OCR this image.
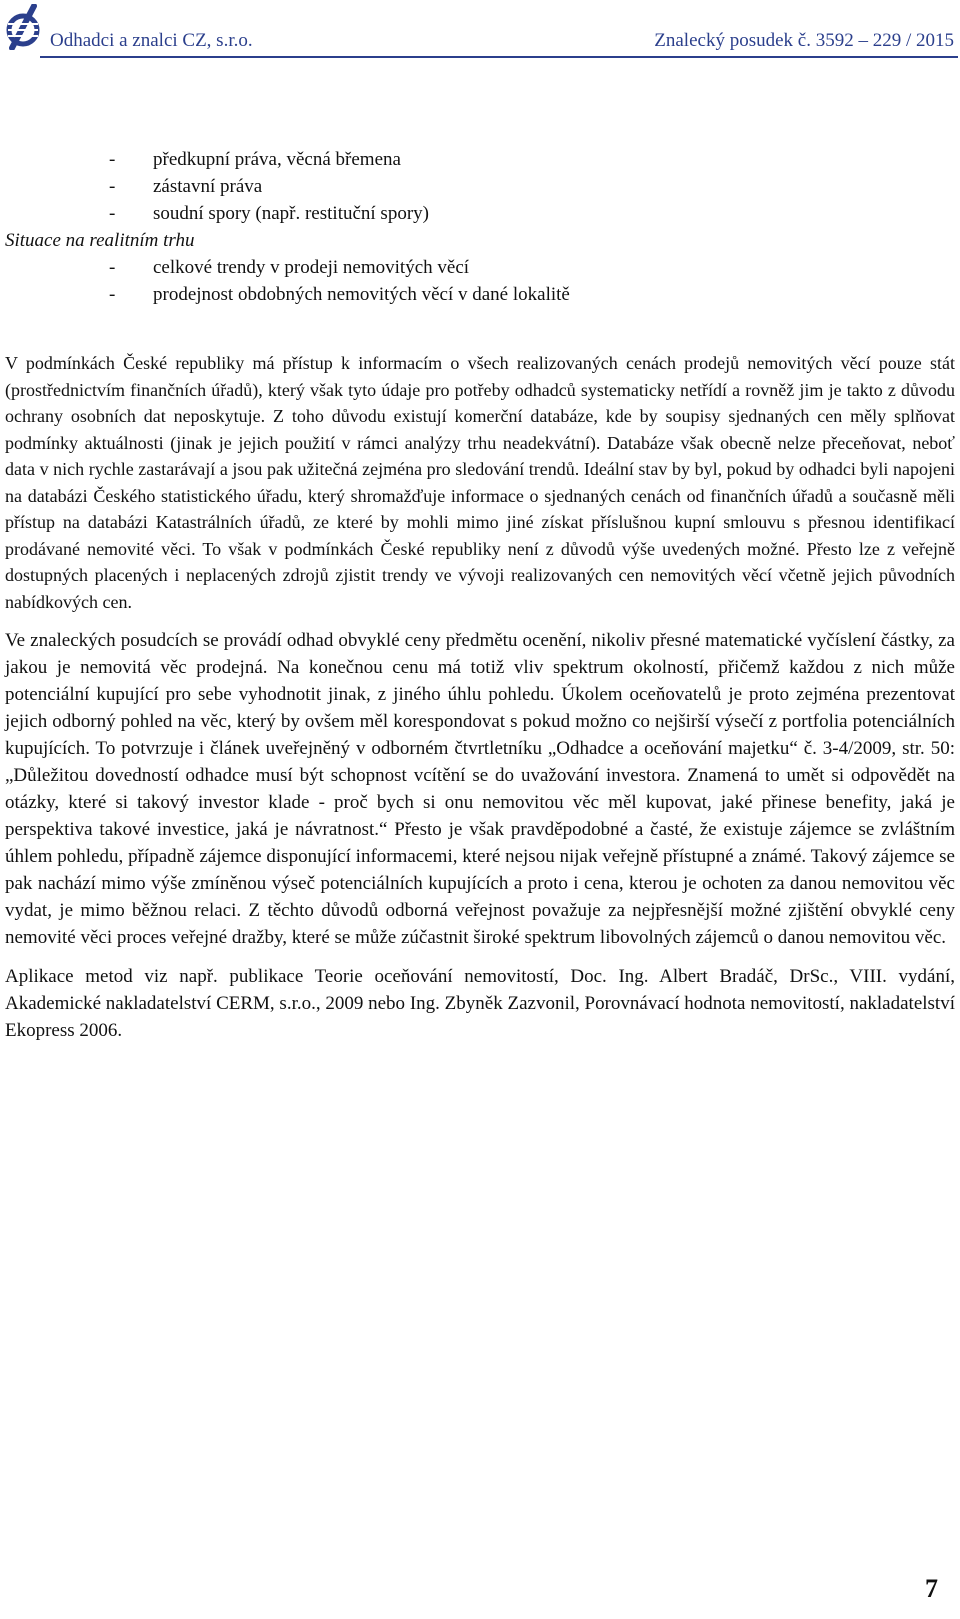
Odhadci a znalci CZ, s.r.o.	Znalecký posudek č. 3592 – 229 / 2015
- předkupní práva, věcná břemena
- zástavní práva
- soudní spory (např. restituční spory)
Situace na realitním trhu
- celkové trendy v prodeji nemovitých věcí
- prodejnost obdobných nemovitých věcí v dané lokalitě

V podmínkách České republiky má přístup k informacím o všech realizovaných cenách prodejů nemovitých věcí pouze stát (prostřednictvím finančních úřadů), který však tyto údaje pro potřeby odhadců systematicky netřídí a rovněž jim je takto z důvodu ochrany osobních dat neposkytuje. Z toho důvodu existují komerční databáze, kde by soupisy sjednaných cen měly splňovat podmínky aktuálnosti (jinak je jejich použití v rámci analýzy trhu neadekvátní). Databáze však obecně nelze přeceňovat, neboť data v nich rychle zastarávají a jsou pak užitečná zejména pro sledování trendů. Ideální stav by byl, pokud by odhadci byli napojeni na databázi Českého statistického úřadu, který shromažďuje informace o sjednaných cenách od finančních úřadů a současně měli přístup na databázi Katastrálních úřadů, ze které by mohli mimo jiné získat příslušnou kupní smlouvu s přesnou identifikací prodávané nemovité věci. To však v podmínkách České republiky není z důvodů výše uvedených možné. Přesto lze z veřejně dostupných placených i neplacených zdrojů zjistit trendy ve vývoji realizovaných cen nemovitých věcí včetně jejich původních nabídkových cen.

Ve znaleckých posudcích se provádí odhad obvyklé ceny předmětu ocenění, nikoliv přesné matematické vyčíslení částky, za jakou je nemovitá věc prodejná. Na konečnou cenu má totiž vliv spektrum okolností, přičemž každou z nich může potenciální kupující pro sebe vyhodnotit jinak, z jiného úhlu pohledu. Úkolem oceňovatelů je proto zejména prezentovat jejich odborný pohled na věc, který by ovšem měl korespondovat s pokud možno co nejširší výsečí z portfolia potenciálních kupujících. To potvrzuje i článek uveřejněný v odborném čtvrtletníku „Odhadce a oceňování majetku“ č. 3-4/2009, str. 50: „Důležitou dovedností odhadce musí být schopnost vcítění se do uvažování investora. Znamená to umět si odpovědět na otázky, které si takový investor klade - proč bych si onu nemovitou věc měl kupovat, jaké přinese benefity, jaká je perspektiva takové investice, jaká je návratnost.“ Přesto je však pravděpodobné a časté, že existuje zájemce se zvláštním úhlem pohledu, případně zájemce disponující informacemi, které nejsou nijak veřejně přístupné a známé. Takový zájemce se pak nachází mimo výše zmíněnou výseč potenciálních kupujících a proto i cena, kterou je ochoten za danou nemovitou věc vydat, je mimo běžnou relaci. Z těchto důvodů odborná veřejnost považuje za nejpřesnější možné zjištění obvyklé ceny nemovité věci proces veřejné dražby, které se může zúčastnit široké spektrum libovolných zájemců o danou nemovitou věc.

Aplikace metod viz např. publikace Teorie oceňování nemovitostí, Doc. Ing. Albert Bradáč, DrSc., VIII. vydání, Akademické nakladatelství CERM, s.r.o., 2009 nebo Ing. Zbyněk Zazvonil, Porovnávací hodnota nemovitostí, nakladatelství Ekopress 2006.

7
